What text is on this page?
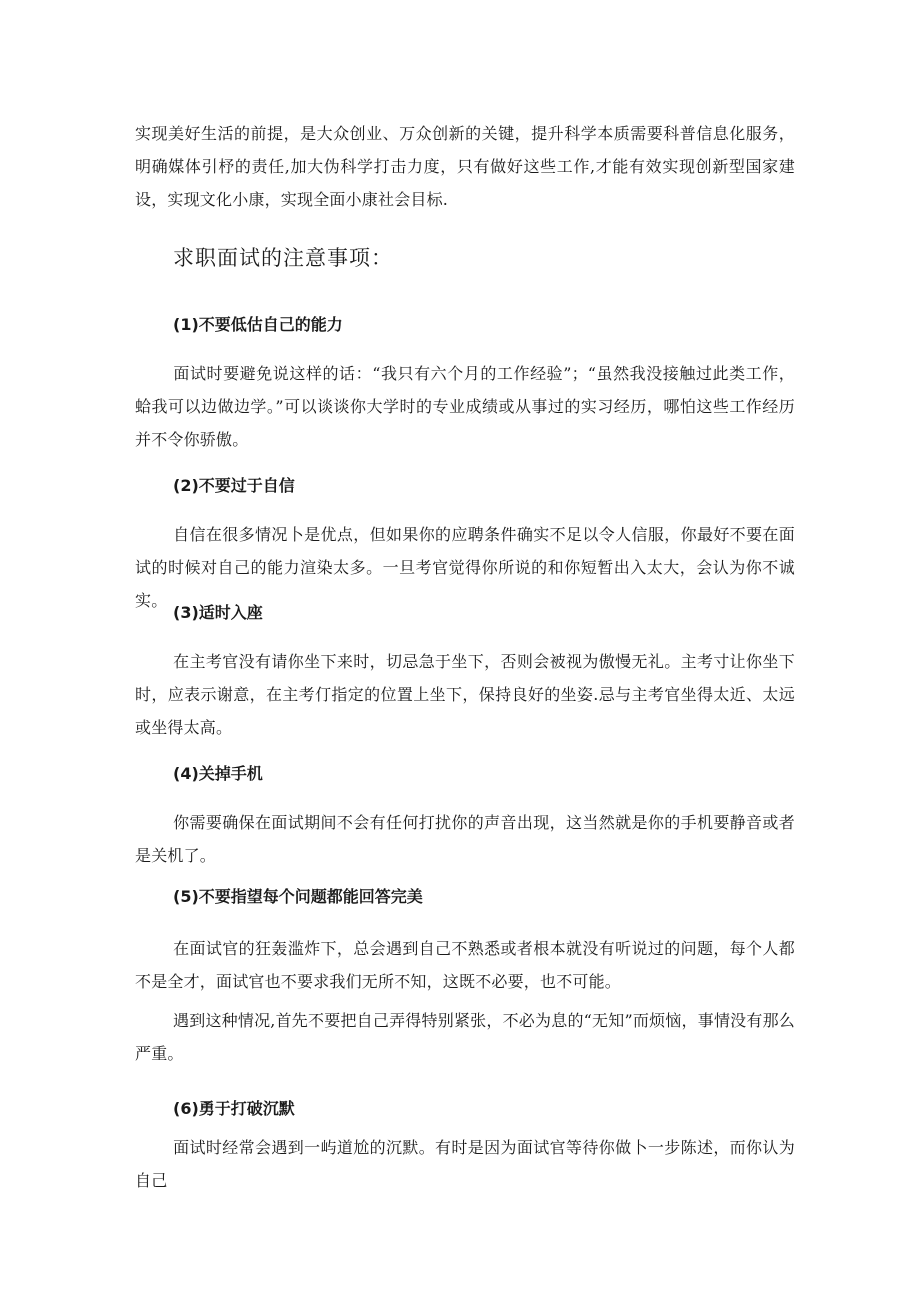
实现美好生活的前提，是大众创业、万众创新的关键，提升科学本质需要科普信息化服务，明确媒体引杼的责任,加大伪科学打击力度，只有做好这些工作,才能有效实现创新型国家建设，实现文化小康，实现全面小康社会目标.

求职面试的注意事项：
(1)不要低估自己的能力

面试时要避免说这样的话：“我只有六个月的工作经验”；“虽然我没接触过此类工作，蛤我可以边做边学。”可以谈谈你大学时的专业成绩或从事过的实习经历，哪怕这些工作经历并不令你骄傲。

(2)不要过于自信

自信在很多情况卜是优点，但如果你的应聘条件确实不足以令人信服，你最好不要在面试的时候对自己的能力渲染太多。一旦考官觉得你所说的和你短暂出入太大，会认为你不诚实。

(3)适时入座

在主考官没有请你坐下来时，切忌急于坐下，否则会被视为傲慢无礼。主考寸让你坐下时，应表示谢意，在主考仃指定的位置上坐下，保持良好的坐姿.忌与主考官坐得太近、太远或坐得太高。

(4)关掉手机

你需要确保在面试期间不会有任何打扰你的声音出现，这当然就是你的手机要静音或者是关机了。

(5)不要指望每个问题都能回答完美

在面试官的狂轰滥炸下，总会遇到自己不熟悉或者根本就没有听说过的问题，每个人都不是全才，面试官也不要求我们无所不知，这既不必要，也不可能。

遇到这种情况,首先不要把自己弄得特别紧张，不必为息的“无知”而烦恼，事情没有那么严重。

(6)勇于打破沉默

面试时经常会遇到一屿道尬的沉默。有时是因为面试官等待你做卜一步陈述，而你认为自己
